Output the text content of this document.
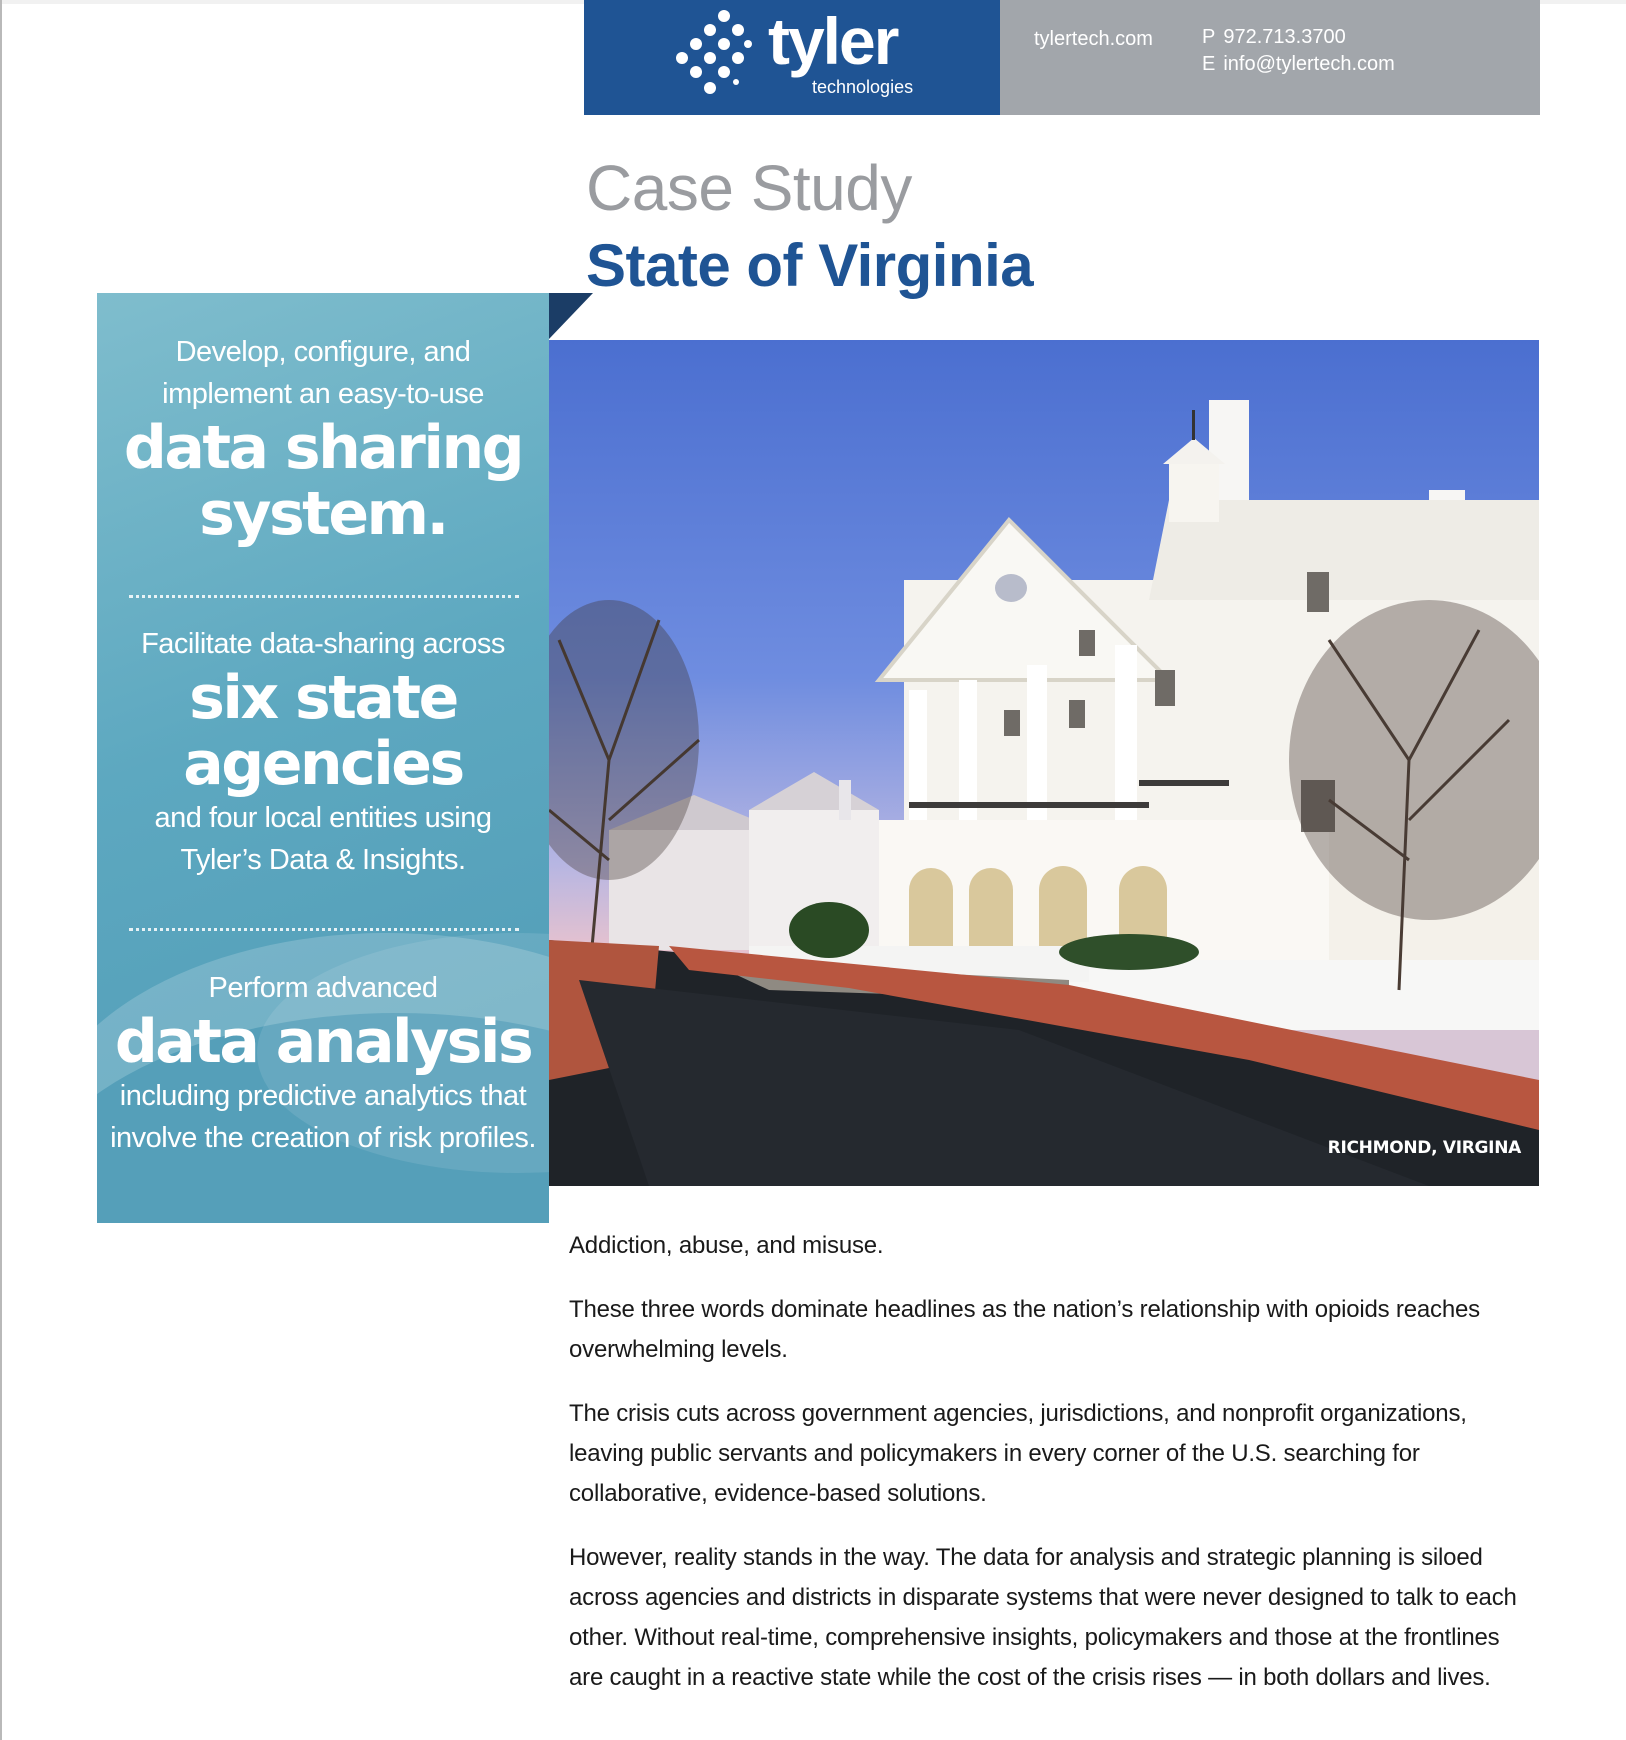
tyler
technologies
tylertech.com P 972.713.3700
E info@tylertech.com
Case Study
State of Virginia
Develop, configure, and
implement an easy-to-use
data sharing
system.
Facilitate data-sharing across
six state
agencies
and four local entities using
Tyler’s Data & Insights.
Perform advanced
data analysis
including predictive analytics that
involve the creation of risk profiles.	RICHMOND, VIRGINA

Addiction, abuse, and misuse.

These three words dominate headlines as the nation’s relationship with opioids reaches overwhelming levels.

The crisis cuts across government agencies, jurisdictions, and nonprofit organizations, leaving public servants and policymakers in every corner of the U.S. searching for collaborative, evidence-based solutions.

However, reality stands in the way. The data for analysis and strategic planning is siloed across agencies and districts in disparate systems that were never designed to talk to each other. Without real-time, comprehensive insights, policymakers and those at the frontlines are caught in a reactive state while the cost of the crisis rises — in both dollars and lives.
